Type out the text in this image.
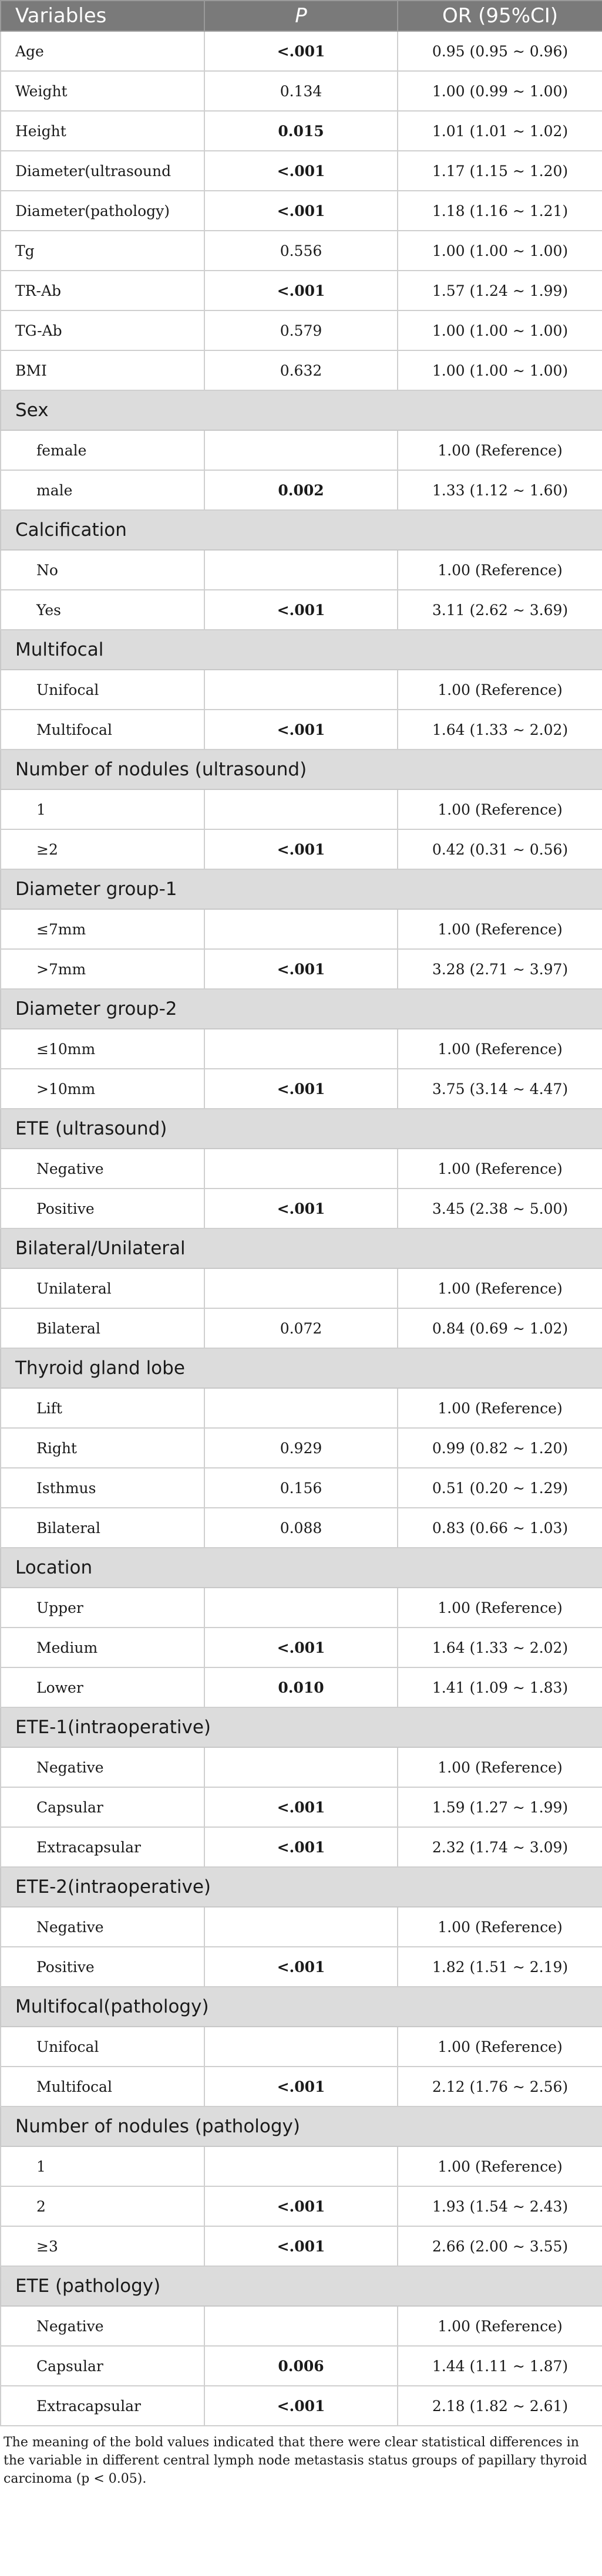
Variables	P	OR (95%CI)
Age	<.001	0.95 (0.95 ~ 0.96)
Weight	0.134	1.00 (0.99 ~ 1.00)
Height	0.015	1.01 (1.01 ~ 1.02)
Diameter(ultrasound	<.001	1.17 (1.15 ~ 1.20)
Diameter(pathology)	<.001	1.18 (1.16 ~ 1.21)
Tg	0.556	1.00 (1.00 ~ 1.00)
TR-Ab	<.001	1.57 (1.24 ~ 1.99)
TG-Ab	0.579	1.00 (1.00 ~ 1.00)
BMI	0.632	1.00 (1.00 ~ 1.00)
Sex		
female		1.00 (Reference)
male	0.002	1.33 (1.12 ~ 1.60)
Calcification		
No		1.00 (Reference)
Yes	<.001	3.11 (2.62 ~ 3.69)
Multifocal		
Unifocal		1.00 (Reference)
Multifocal	<.001	1.64 (1.33 ~ 2.02)
Number of nodules (ultrasound)		
1		1.00 (Reference)
≥2	<.001	0.42 (0.31 ~ 0.56)
Diameter group-1		
≤7mm		1.00 (Reference)
>7mm	<.001	3.28 (2.71 ~ 3.97)
Diameter group-2		
≤10mm		1.00 (Reference)
>10mm	<.001	3.75 (3.14 ~ 4.47)
ETE (ultrasound)		
Negative		1.00 (Reference)
Positive	<.001	3.45 (2.38 ~ 5.00)
Bilateral/Unilateral		
Unilateral		1.00 (Reference)
Bilateral	0.072	0.84 (0.69 ~ 1.02)
Thyroid gland lobe		
Lift		1.00 (Reference)
Right	0.929	0.99 (0.82 ~ 1.20)
Isthmus	0.156	0.51 (0.20 ~ 1.29)
Bilateral	0.088	0.83 (0.66 ~ 1.03)
Location		
Upper		1.00 (Reference)
Medium	<.001	1.64 (1.33 ~ 2.02)
Lower	0.010	1.41 (1.09 ~ 1.83)
ETE-1(intraoperative)		
Negative		1.00 (Reference)
Capsular	<.001	1.59 (1.27 ~ 1.99)
Extracapsular	<.001	2.32 (1.74 ~ 3.09)
ETE-2(intraoperative)		
Negative		1.00 (Reference)
Positive	<.001	1.82 (1.51 ~ 2.19)
Multifocal(pathology)		
Unifocal		1.00 (Reference)
Multifocal	<.001	2.12 (1.76 ~ 2.56)
Number of nodules (pathology)		
1		1.00 (Reference)
2	<.001	1.93 (1.54 ~ 2.43)
≥3	<.001	2.66 (2.00 ~ 3.55)
ETE (pathology)		
Negative		1.00 (Reference)
Capsular	0.006	1.44 (1.11 ~ 1.87)
Extracapsular	<.001	2.18 (1.82 ~ 2.61)
The meaning of the bold values indicated that there were clear statistical differences in the variable in different central lymph node metastasis status groups of papillary thyroid carcinoma (p < 0.05).
